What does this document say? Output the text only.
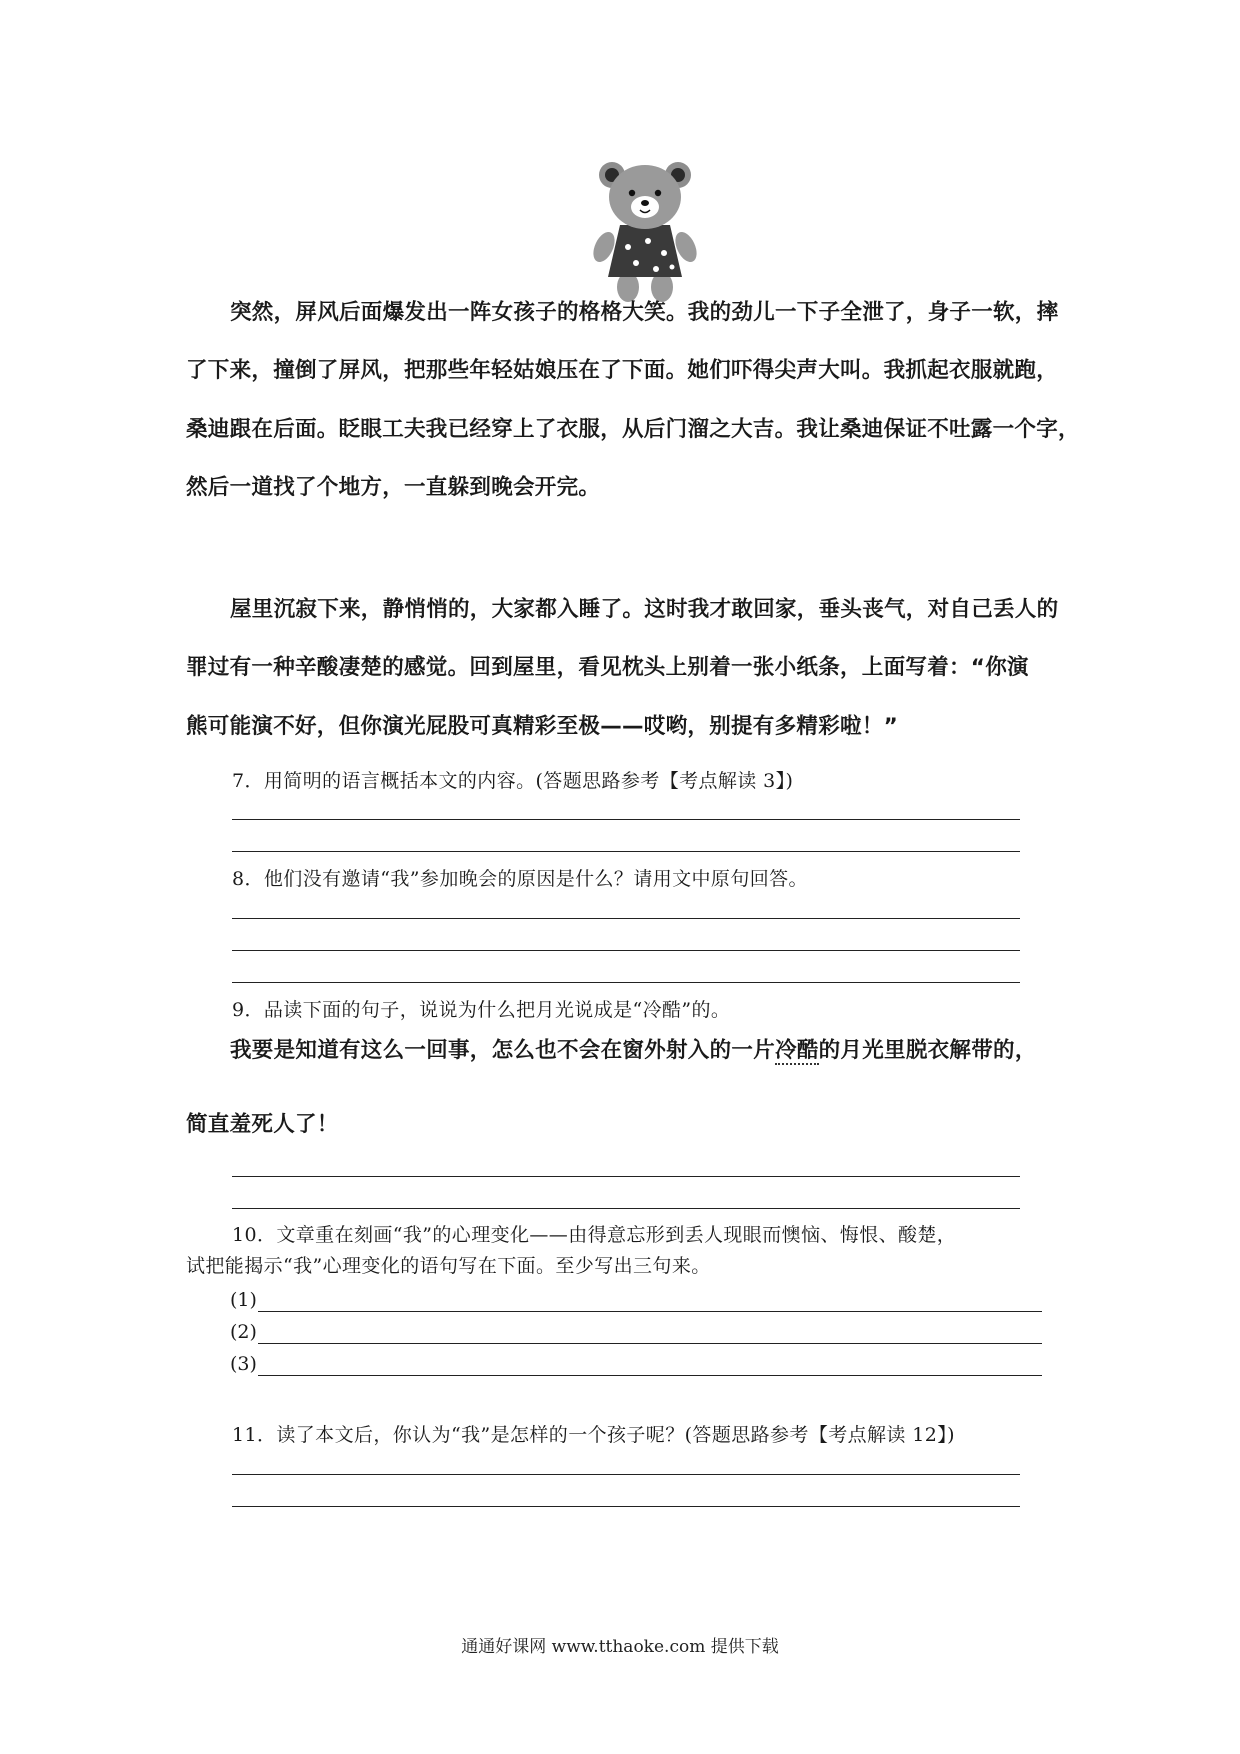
突然，屏风后面爆发出一阵女孩子的格格大笑。我的劲儿一下子全泄了，身子一软，摔
了下来，撞倒了屏风，把那些年轻姑娘压在了下面。她们吓得尖声大叫。我抓起衣服就跑，
桑迪跟在后面。眨眼工夫我已经穿上了衣服，从后门溜之大吉。我让桑迪保证不吐露一个字，
然后一道找了个地方，一直躲到晚会开完。
屋里沉寂下来，静悄悄的，大家都入睡了。这时我才敢回家，垂头丧气，对自己丢人的
罪过有一种辛酸凄楚的感觉。回到屋里，看见枕头上别着一张小纸条，上面写着：“你演
熊可能演不好，但你演光屁股可真精彩至极——哎哟，别提有多精彩啦！”
7．用简明的语言概括本文的内容。(答题思路参考【考点解读 3】)
8．他们没有邀请“我”参加晚会的原因是什么？请用文中原句回答。
9．品读下面的句子，说说为什么把月光说成是“冷酷”的。
我要是知道有这么一回事，怎么也不会在窗外射入的一片冷酷的月光里脱衣解带的，
简直羞死人了！
10．文章重在刻画“我”的心理变化——由得意忘形到丢人现眼而懊恼、悔恨、酸楚，
试把能揭示“我”心理变化的语句写在下面。至少写出三句来。
(1)
(2)
(3)
11．读了本文后，你认为“我”是怎样的一个孩子呢？(答题思路参考【考点解读 12】)
通通好课网 www.tthaoke.com 提供下载
